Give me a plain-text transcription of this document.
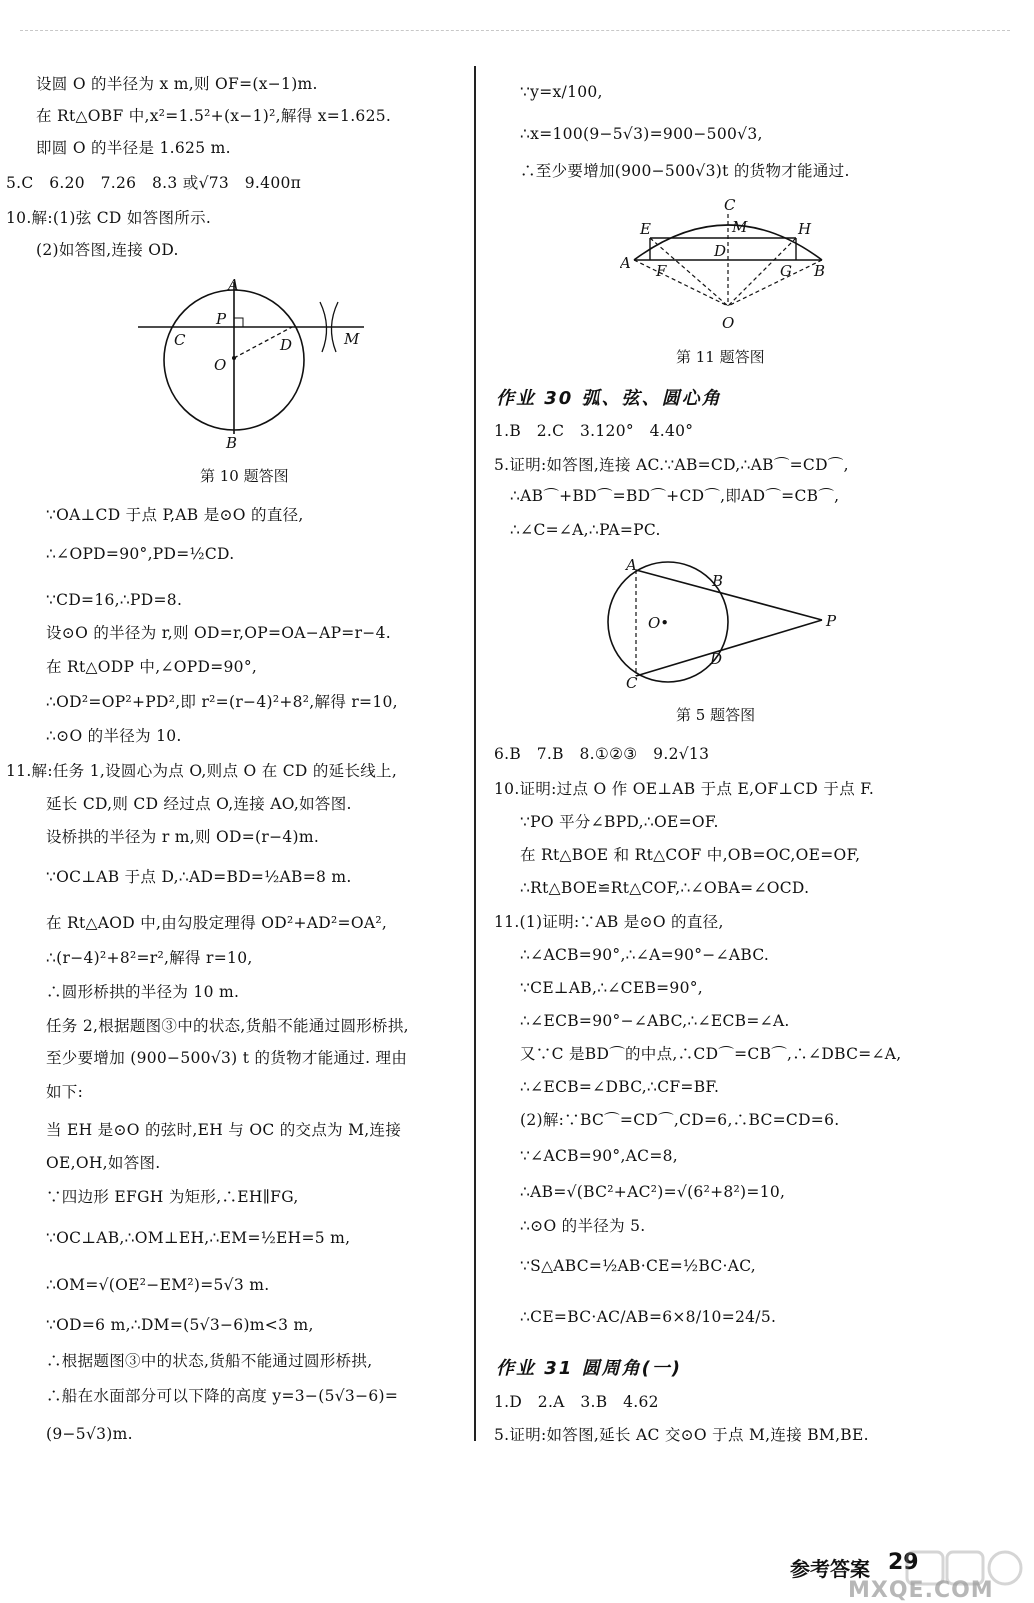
设圆 O 的半径为 x m,则 OF=(x−1)m.
在 Rt△OBF 中,x²=1.5²+(x−1)²,解得 x=1.625.
即圆 O 的半径是 1.625 m.
5.C   6.20   7.26   8.3 或√73   9.400π
10.解:(1)弦 CD 如答图所示.
(2)如答图,连接 OD.
A
P
C
O
D	M
B
第 10 题答图
∵OA⊥CD 于点 P,AB 是⊙O 的直径,
∴∠OPD=90°,PD=½CD.
∵CD=16,∴PD=8.
设⊙O 的半径为 r,则 OD=r,OP=OA−AP=r−4.
在 Rt△ODP 中,∠OPD=90°,
∴OD²=OP²+PD²,即 r²=(r−4)²+8²,解得 r=10,
∴⊙O 的半径为 10.
11.解:任务 1,设圆心为点 O,则点 O 在 CD 的延长线上,
延长 CD,则 CD 经过点 O,连接 AO,如答图.
设桥拱的半径为 r m,则 OD=(r−4)m.
∵OC⊥AB 于点 D,∴AD=BD=½AB=8 m.
在 Rt△AOD 中,由勾股定理得 OD²+AD²=OA²,
∴(r−4)²+8²=r²,解得 r=10,
∴圆形桥拱的半径为 10 m.
任务 2,根据题图③中的状态,货船不能通过圆形桥拱,
至少要增加 (900−500√3) t 的货物才能通过. 理由
如下:
当 EH 是⊙O 的弦时,EH 与 OC 的交点为 M,连接
OE,OH,如答图.
∵四边形 EFGH 为矩形,∴EH∥FG,
∵OC⊥AB,∴OM⊥EH,∴EM=½EH=5 m,
∴OM=√(OE²−EM²)=5√3 m.
∵OD=6 m,∴DM=(5√3−6)m<3 m,
∴根据题图③中的状态,货船不能通过圆形桥拱,
∴船在水面部分可以下降的高度 y=3−(5√3−6)=
(9−5√3)m.
∵y=x/100,
∴x=100(9−5√3)=900−500√3,
∴至少要增加(900−500√3)t 的货物才能通过.
C
E	M	H
A
D
F	G B
O
第 11 题答图
作业 30 弧、弦、圆心角
1.B   2.C   3.120°   4.40°
5.证明:如答图,连接 AC.∵AB=CD,∴AB⌒=CD⌒,
∴AB⌒+BD⌒=BD⌒+CD⌒,即AD⌒=CB⌒,
∴∠C=∠A,∴PA=PC.
A
B
O•	P
D
C
第 5 题答图
6.B   7.B   8.①②③   9.2√13
10.证明:过点 O 作 OE⊥AB 于点 E,OF⊥CD 于点 F.
∵PO 平分∠BPD,∴OE=OF.
在 Rt△BOE 和 Rt△COF 中,OB=OC,OE=OF,
∴Rt△BOE≌Rt△COF,∴∠OBA=∠OCD.
11.(1)证明:∵AB 是⊙O 的直径,
∴∠ACB=90°,∴∠A=90°−∠ABC.
∵CE⊥AB,∴∠CEB=90°,
∴∠ECB=90°−∠ABC,∴∠ECB=∠A.
又∵C 是BD⌒的中点,∴CD⌒=CB⌒,∴∠DBC=∠A,
∴∠ECB=∠DBC,∴CF=BF.
(2)解:∵BC⌒=CD⌒,CD=6,∴BC=CD=6.
∵∠ACB=90°,AC=8,
∴AB=√(BC²+AC²)=√(6²+8²)=10,
∴⊙O 的半径为 5.
∵S△ABC=½AB·CE=½BC·AC,
∴CE=BC·AC/AB=6×8/10=24/5.
作业 31 圆周角(一)
1.D   2.A   3.B   4.62
5.证明:如答图,延长 AC 交⊙O 于点 M,连接 BM,BE.
参考答案 29
MXQE.COM
